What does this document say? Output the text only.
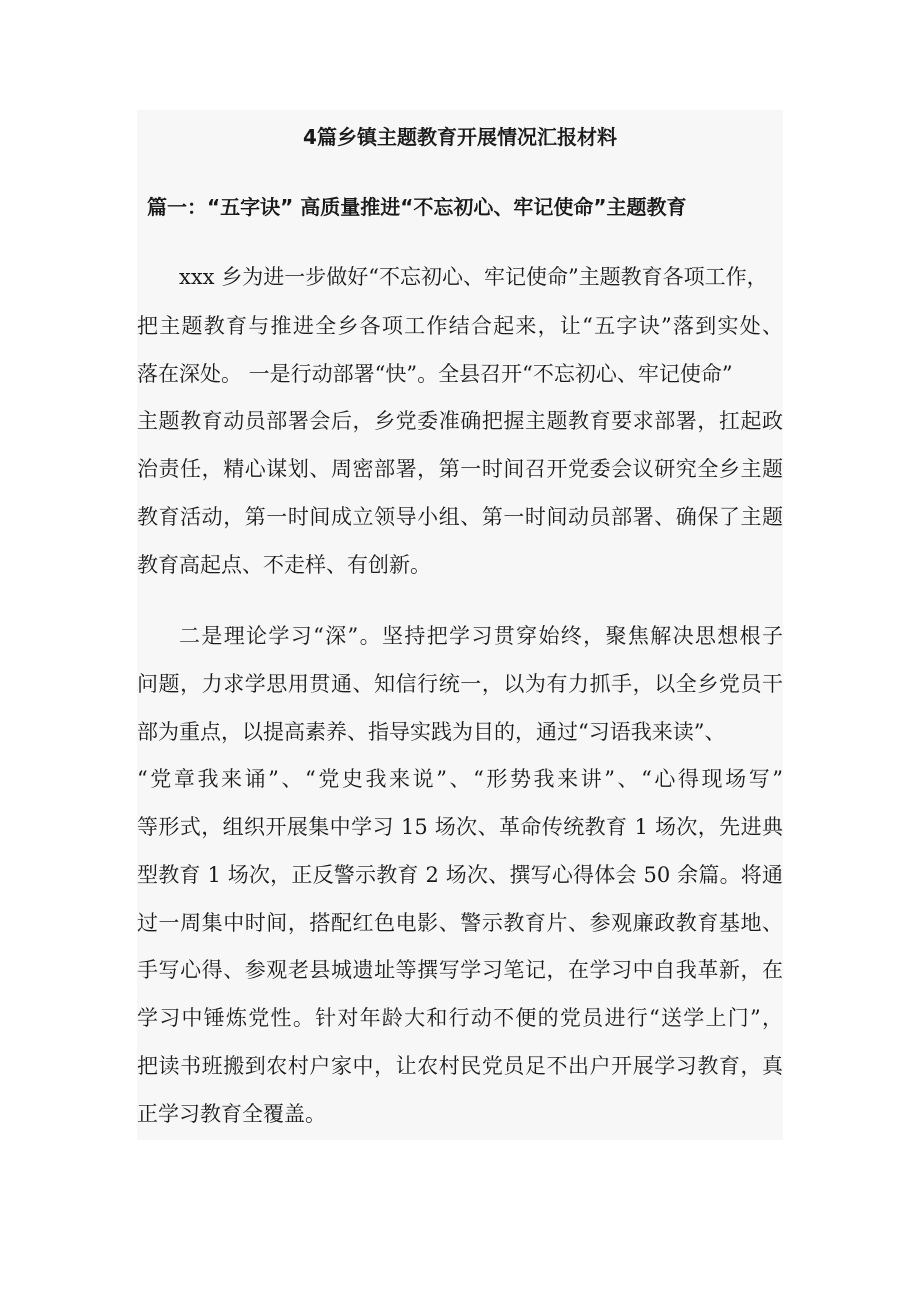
4篇乡镇主题教育开展情况汇报材料
篇一：“五字诀” 高质量推进“不忘初心、牢记使命”主题教育
xxx 乡为进一步做好“不忘初心、牢记使命”主题教育各项工作，
把主题教育与推进全乡各项工作结合起来，让“五字诀”落到实处、
落在深处。 一是行动部署“快”。全县召开“不忘初心、牢记使命”
主题教育动员部署会后，乡党委准确把握主题教育要求部署，扛起政
治责任，精心谋划、周密部署，第一时间召开党委会议研究全乡主题
教育活动，第一时间成立领导小组、第一时间动员部署、确保了主题
教育高起点、不走样、有创新。
二是理论学习“深”。坚持把学习贯穿始终，聚焦解决思想根子
问题，力求学思用贯通、知信行统一，以为有力抓手，以全乡党员干
部为重点，以提高素养、指导实践为目的，通过“习语我来读”、
“党章我来诵”、“党史我来说”、“形势我来讲”、“心得现场写”
等形式，组织开展集中学习 15 场次、革命传统教育 1 场次，先进典
型教育 1 场次，正反警示教育 2 场次、撰写心得体会 50 余篇。将通
过一周集中时间，搭配红色电影、警示教育片、参观廉政教育基地、
手写心得、参观老县城遗址等撰写学习笔记，在学习中自我革新，在
学习中锤炼党性。针对年龄大和行动不便的党员进行“送学上门”，
把读书班搬到农村户家中，让农村民党员足不出户开展学习教育，真
正学习教育全覆盖。
